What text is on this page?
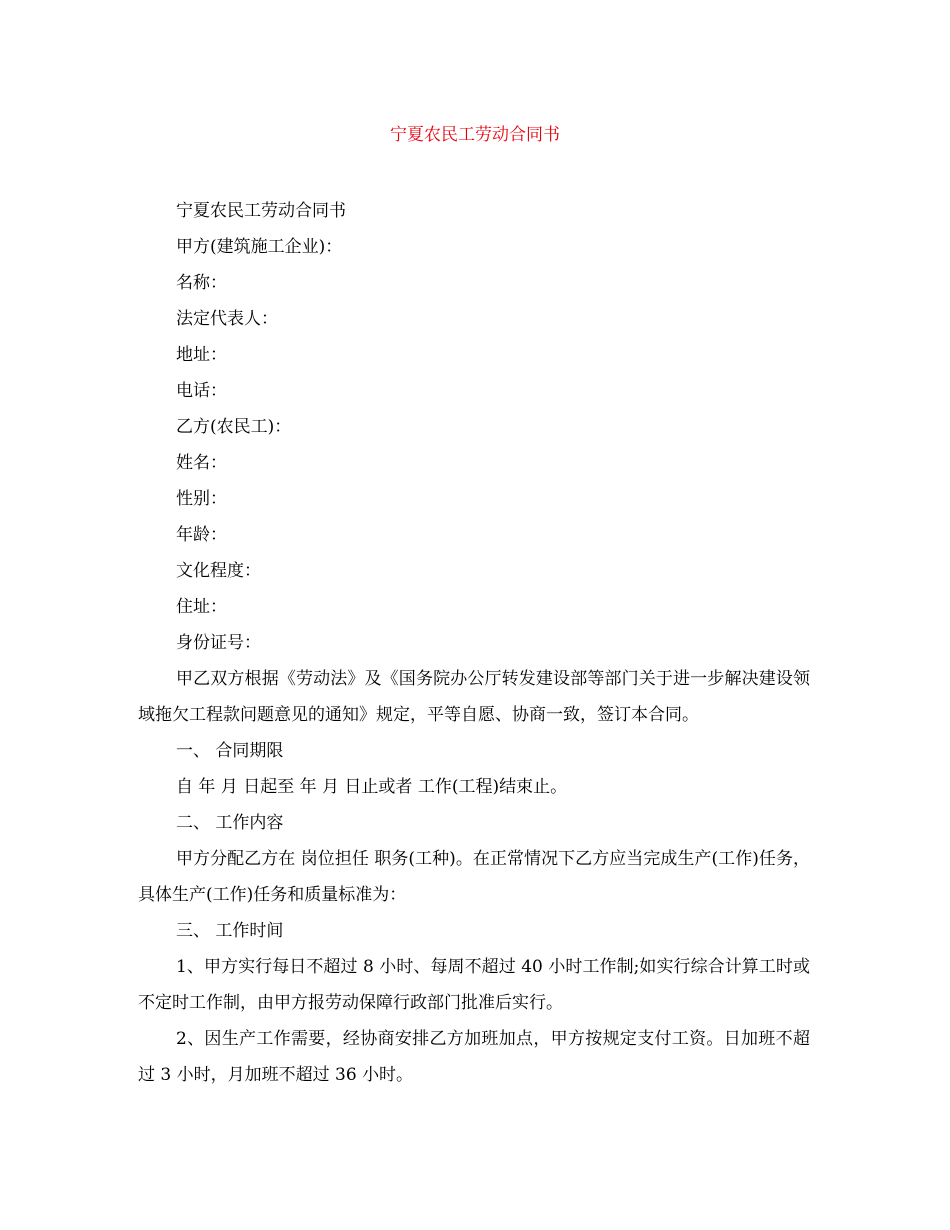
宁夏农民工劳动合同书

宁夏农民工劳动合同书

甲方(建筑施工企业)：

名称：

法定代表人：

地址：

电话：

乙方(农民工)：

姓名：

性别：

年龄：

文化程度：

住址：

身份证号：

甲乙双方根据《劳动法》及《国务院办公厅转发建设部等部门关于进一步解决建设领域拖欠工程款问题意见的通知》规定，平等自愿、协商一致，签订本合同。

一、 合同期限

自 年 月 日起至 年 月 日止或者 工作(工程)结束止。

二、 工作内容

甲方分配乙方在 岗位担任 职务(工种)。在正常情况下乙方应当完成生产(工作)任务，具体生产(工作)任务和质量标准为：

三、 工作时间

1、甲方实行每日不超过 8 小时、每周不超过 40 小时工作制;如实行综合计算工时或不定时工作制，由甲方报劳动保障行政部门批准后实行。

2、因生产工作需要，经协商安排乙方加班加点，甲方按规定支付工资。日加班不超过 3 小时，月加班不超过 36 小时。
